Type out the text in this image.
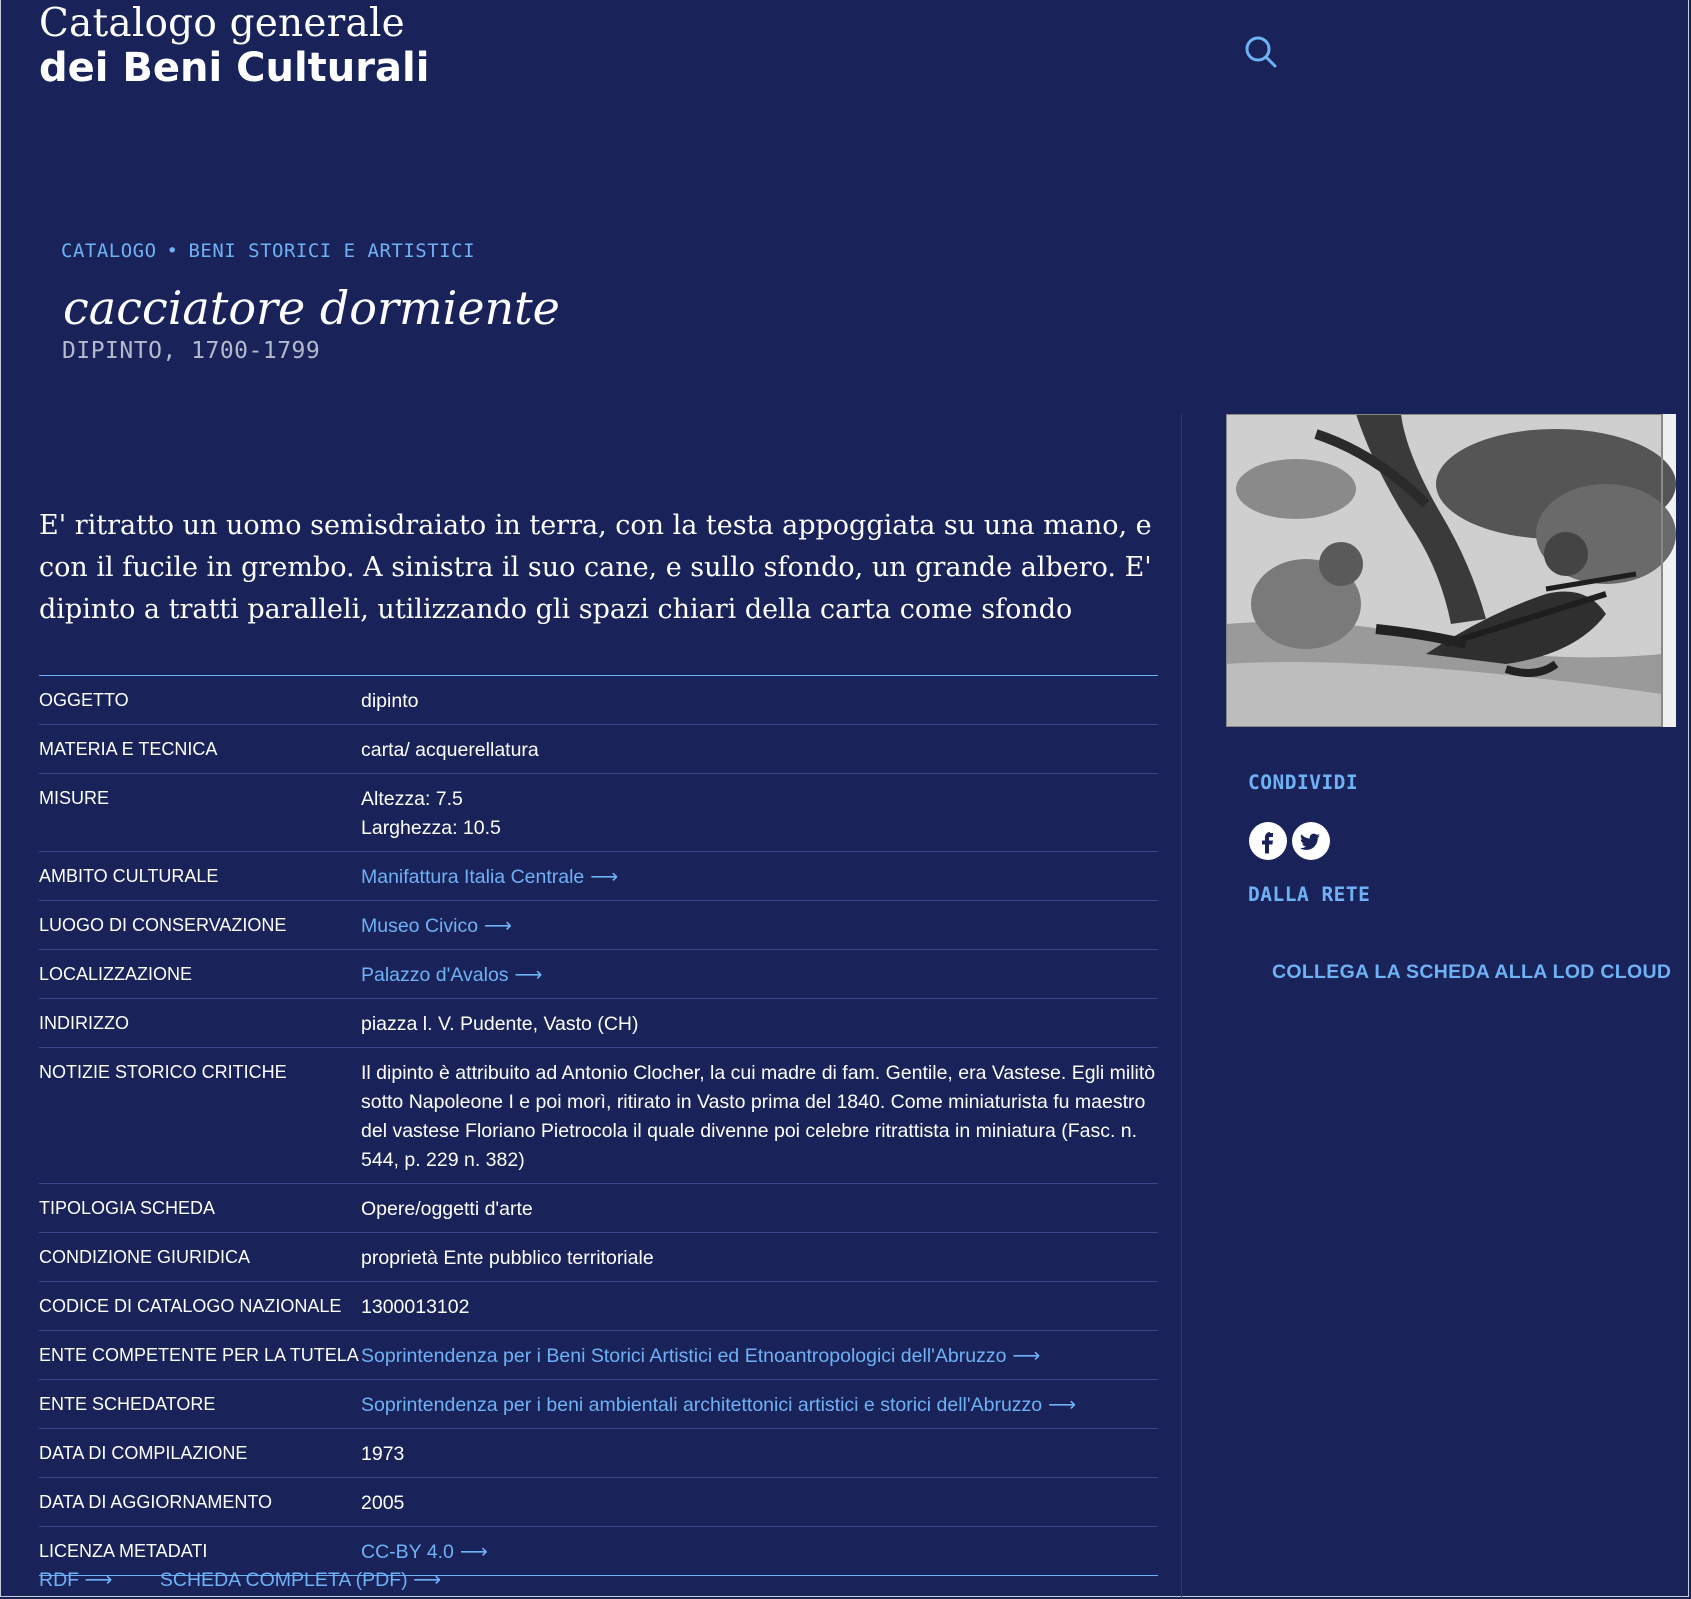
Catalogo generale
dei Beni Culturali
CATALOGO • BENI STORICI E ARTISTICI
cacciatore dormiente
DIPINTO, 1700-1799
E' ritratto un uomo semisdraiato in terra, con la testa appoggiata su una mano, e con il fucile in grembo. A sinistra il suo cane, e sullo sfondo, un grande albero. E' dipinto a tratti paralleli, utilizzando gli spazi chiari della carta come sfondo
OGGETTO	dipinto
MATERIA E TECNICA	carta/ acquerellatura
MISURE	Altezza: 7.5
Larghezza: 10.5

AMBITO CULTURALE	Manifattura Italia Centrale ⟶
LUOGO DI CONSERVAZIONE	Museo Civico ⟶
LOCALIZZAZIONE	Palazzo d'Avalos ⟶
INDIRIZZO	piazza l. V. Pudente, Vasto (CH)
NOTIZIE STORICO CRITICHE	Il dipinto è attribuito ad Antonio Clocher, la cui madre di fam. Gentile, era Vastese. Egli militò sotto Napoleone I e poi morì, ritirato in Vasto prima del 1840. Come miniaturista fu maestro del vastese Floriano Pietrocola il quale divenne poi celebre ritrattista in miniatura (Fasc. n. 544, p. 229 n. 382)
TIPOLOGIA SCHEDA	Opere/oggetti d'arte
CONDIZIONE GIURIDICA	proprietà Ente pubblico territoriale
CODICE DI CATALOGO NAZIONALE	1300013102
ENTE COMPETENTE PER LA TUTELA	Soprintendenza per i Beni Storici Artistici ed Etnoantropologici dell'Abruzzo ⟶
ENTE SCHEDATORE	Soprintendenza per i beni ambientali architettonici artistici e storici dell'Abruzzo ⟶
DATA DI COMPILAZIONE	1973
DATA DI AGGIORNAMENTO	2005
LICENZA METADATI	CC-BY 4.0 ⟶
RDF ⟶ SCHEDA COMPLETA (PDF) ⟶
CONDIVIDI
DALLA RETE
COLLEGA LA SCHEDA ALLA LOD CLOUD
